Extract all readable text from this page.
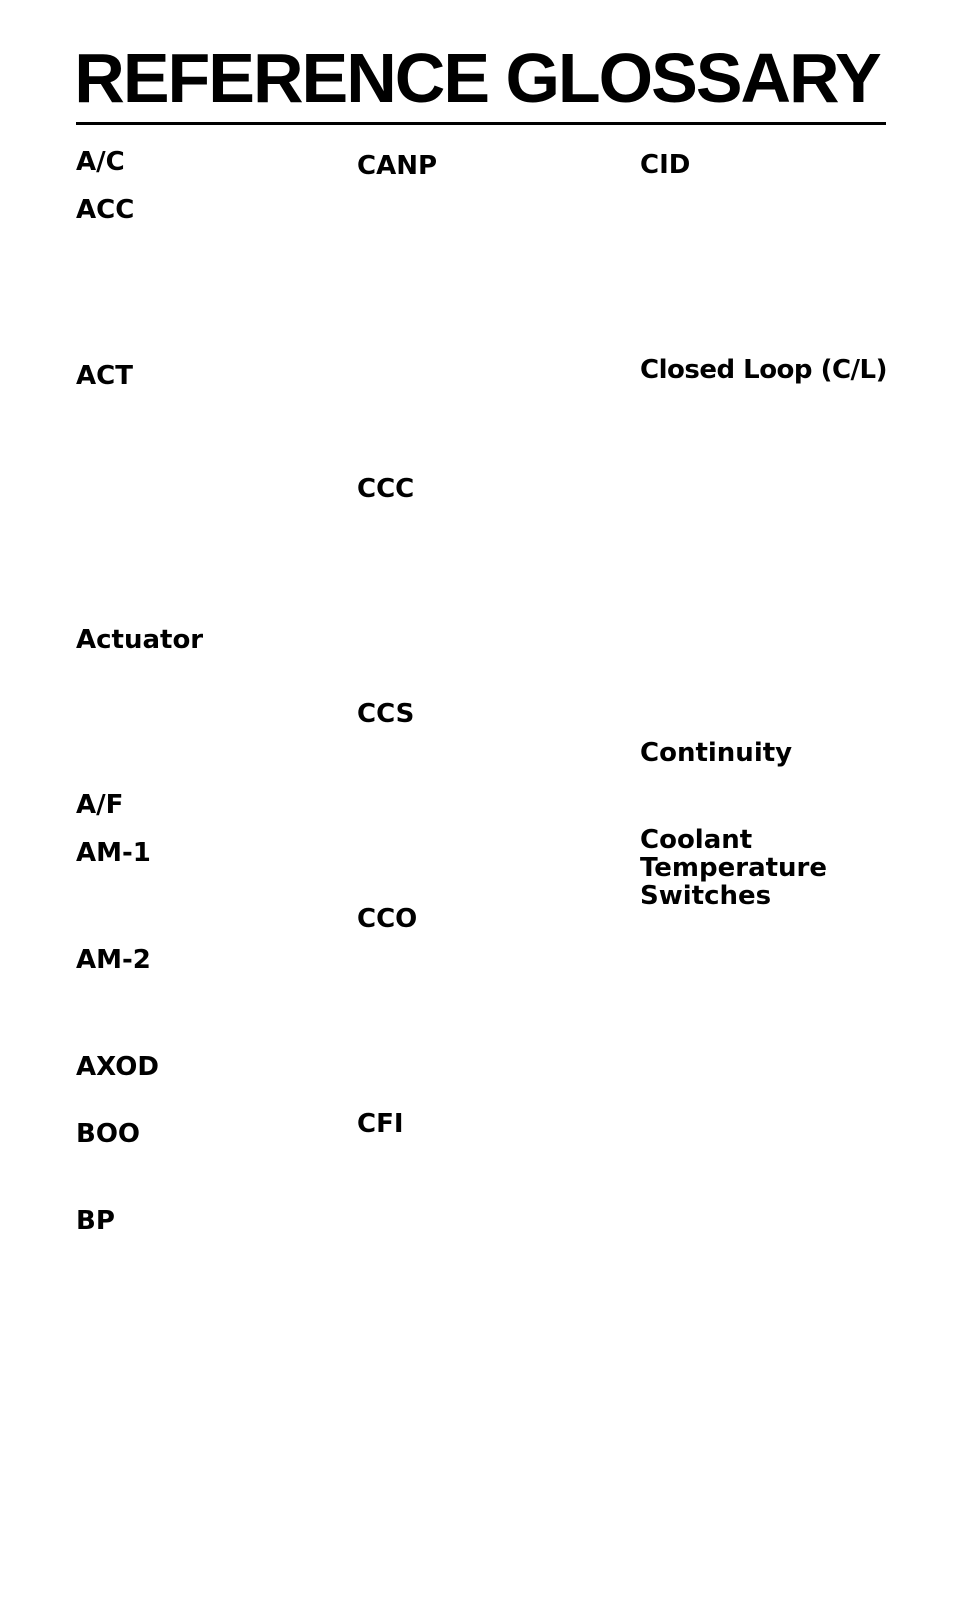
REFERENCE GLOSSARY

A/C

ACC

ACT

Actuator

A/F

AM-1

AM-2

AXOD

BOO

BP

CANP

CCC

CCS

CCO

CFI

CID

Closed Loop (C/L)

Continuity

Coolant

Temperature

Switches
